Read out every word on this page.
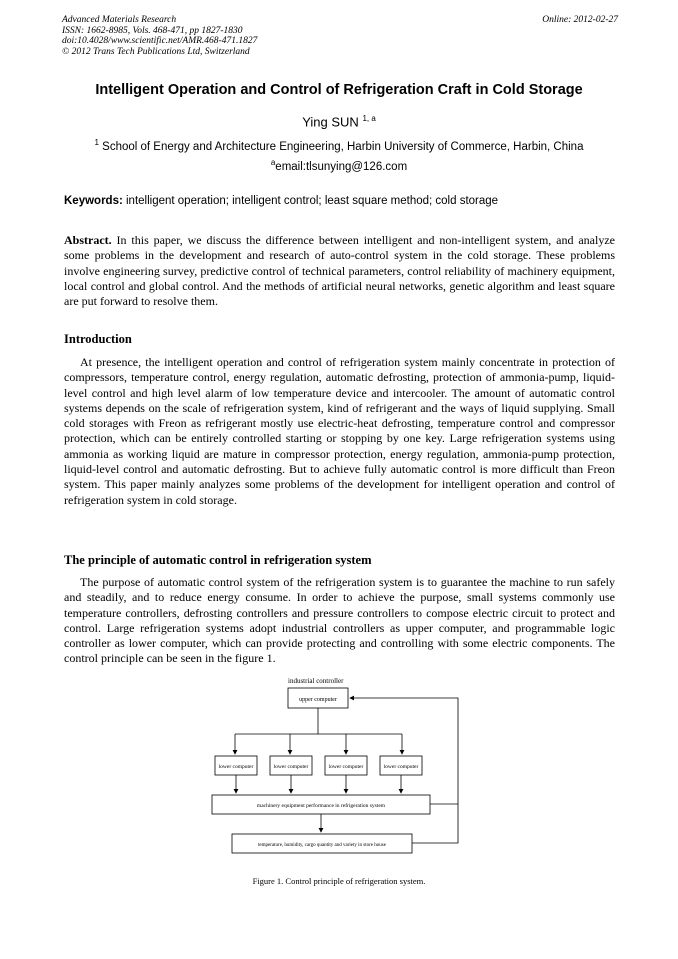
Advanced Materials Research
ISSN: 1662-8985, Vols. 468-471, pp 1827-1830
doi:10.4028/www.scientific.net/AMR.468-471.1827
© 2012 Trans Tech Publications Ltd, Switzerland
Online: 2012-02-27
Intelligent Operation and Control of Refrigeration Craft in Cold Storage
Ying SUN $^{1, a}$
$^1$ School of Energy and Architecture Engineering, Harbin University of Commerce, Harbin, China
$^a$email:tlsunying@126.com
Keywords: intelligent operation; intelligent control; least square method; cold storage
Abstract. In this paper, we discuss the difference between intelligent and non-intelligent system, and analyze some problems in the development and research of auto-control system in the cold storage. These problems involve engineering survey, predictive control of technical parameters, control reliability of machinery equipment, local control and global control. And the methods of artificial neural networks, genetic algorithm and least square are put forward to resolve them.
Introduction
At presence, the intelligent operation and control of refrigeration system mainly concentrate in protection of compressors, temperature control, energy regulation, automatic defrosting, protection of ammonia-pump, liquid-level control and high level alarm of low temperature device and intercooler. The amount of automatic control systems depends on the scale of refrigeration system, kind of refrigerant and the ways of liquid supplying. Small cold storages with Freon as refrigerant mostly use electric-heat defrosting, temperature control and compressor protection, which can be entirely controlled starting or stopping by one key. Large refrigeration systems using ammonia as working liquid are mature in compressor protection, energy regulation, ammonia-pump protection, liquid-level control and automatic defrosting. But to achieve fully automatic control is more difficult than Freon system. This paper mainly analyzes some problems of the development for intelligent operation and control of refrigeration system in cold storage.
The principle of automatic control in refrigeration system
The purpose of automatic control system of the refrigeration system is to guarantee the machine to run safely and steadily, and to reduce energy consume. In order to achieve the purpose, small systems commonly use temperature controllers, defrosting controllers and pressure controllers to compose electric circuit to protect and control. Large refrigeration systems adopt industrial controllers as upper computer, and programmable logic controller as lower computer, which can provide protecting and controlling with some electric components. The control principle can be seen in the figure 1.
industrial controller
upper computer
lower computer	lower computer	lower computer	lower computer
machinery equipment performance in refrigeration system
temperature, humidity, cargo quantity and variety in store house
Figure 1. Control principle of refrigeration system.
